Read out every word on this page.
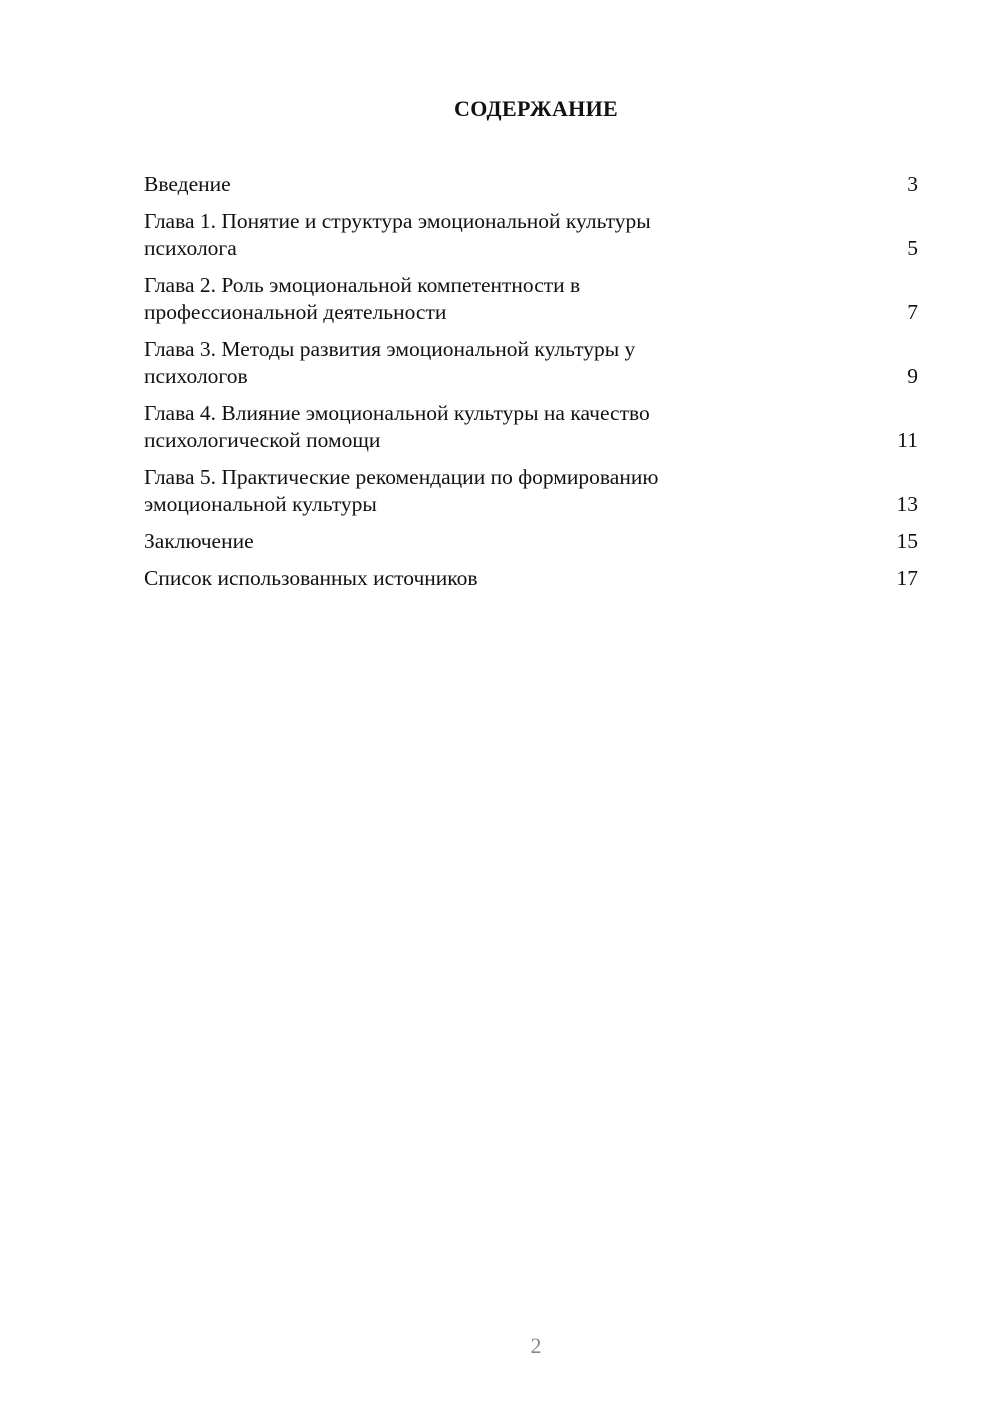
СОДЕРЖАНИЕ
Введение	3
Глава 1. Понятие и структура эмоциональной культуры
психолога	5
Глава 2. Роль эмоциональной компетентности в
профессиональной деятельности	7
Глава 3. Методы развития эмоциональной культуры у
психологов	9
Глава 4. Влияние эмоциональной культуры на качество
психологической помощи	11
Глава 5. Практические рекомендации по формированию
эмоциональной культуры	13
Заключение	15
Список использованных источников	17
2
